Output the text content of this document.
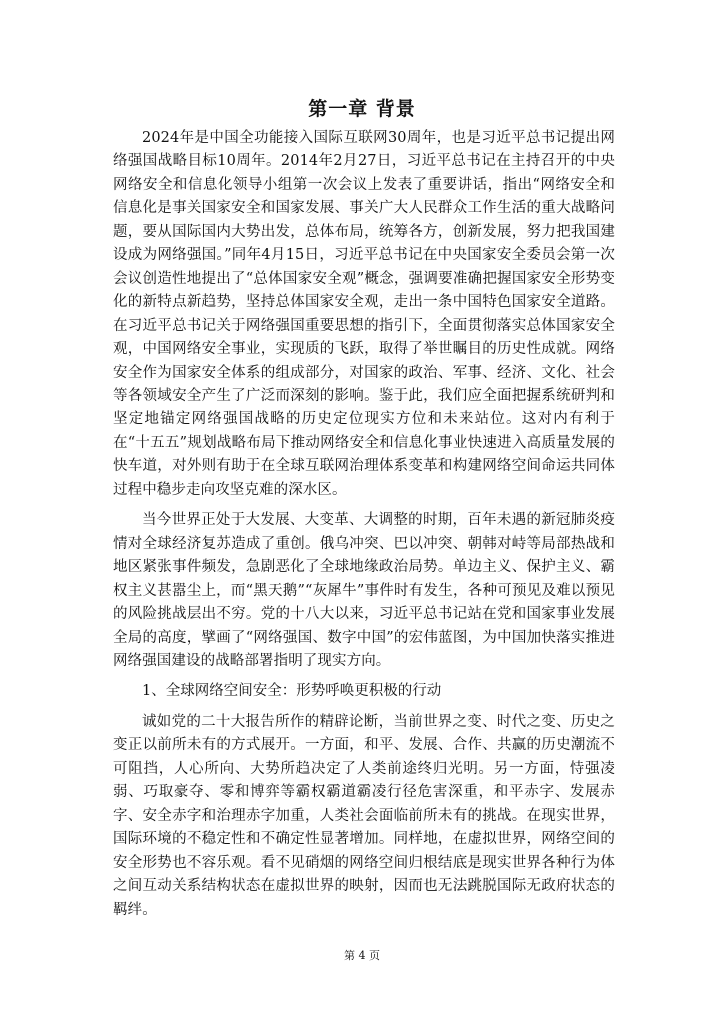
第一章 背景

2024年是中国全功能接入国际互联网30周年，也是习近平总书记提出网络强国战略目标10周年。2014年2月27日，习近平总书记在主持召开的中央网络安全和信息化领导小组第一次会议上发表了重要讲话，指出“网络安全和信息化是事关国家安全和国家发展、事关广大人民群众工作生活的重大战略问题，要从国际国内大势出发，总体布局，统筹各方，创新发展，努力把我国建设成为网络强国。”同年4月15日，习近平总书记在中央国家安全委员会第一次会议创造性地提出了“总体国家安全观”概念，强调要准确把握国家安全形势变化的新特点新趋势，坚持总体国家安全观，走出一条中国特色国家安全道路。在习近平总书记关于网络强国重要思想的指引下，全面贯彻落实总体国家安全观，中国网络安全事业，实现质的飞跃，取得了举世瞩目的历史性成就。网络安全作为国家安全体系的组成部分，对国家的政治、军事、经济、文化、社会等各领域安全产生了广泛而深刻的影响。鉴于此，我们应全面把握系统研判和坚定地锚定网络强国战略的历史定位现实方位和未来站位。这对内有利于在“十五五”规划战略布局下推动网络安全和信息化事业快速进入高质量发展的快车道，对外则有助于在全球互联网治理体系变革和构建网络空间命运共同体过程中稳步走向攻坚克难的深水区。

当今世界正处于大发展、大变革、大调整的时期，百年未遇的新冠肺炎疫情对全球经济复苏造成了重创。俄乌冲突、巴以冲突、朝韩对峙等局部热战和地区紧张事件频发，急剧恶化了全球地缘政治局势。单边主义、保护主义、霸权主义甚嚣尘上，而“黑天鹅”“灰犀牛”事件时有发生，各种可预见及难以预见的风险挑战层出不穷。党的十八大以来，习近平总书记站在党和国家事业发展全局的高度，擘画了“网络强国、数字中国”的宏伟蓝图，为中国加快落实推进网络强国建设的战略部署指明了现实方向。

1、全球网络空间安全：形势呼唤更积极的行动

诚如党的二十大报告所作的精辟论断，当前世界之变、时代之变、历史之变正以前所未有的方式展开。一方面，和平、发展、合作、共赢的历史潮流不可阻挡，人心所向、大势所趋决定了人类前途终归光明。另一方面，恃强凌弱、巧取豪夺、零和博弈等霸权霸道霸凌行径危害深重，和平赤字、发展赤字、安全赤字和治理赤字加重，人类社会面临前所未有的挑战。在现实世界，国际环境的不稳定性和不确定性显著增加。同样地，在虚拟世界，网络空间的安全形势也不容乐观。看不见硝烟的网络空间归根结底是现实世界各种行为体之间互动关系结构状态在虚拟世界的映射，因而也无法跳脱国际无政府状态的羁绊。

第 4 页
